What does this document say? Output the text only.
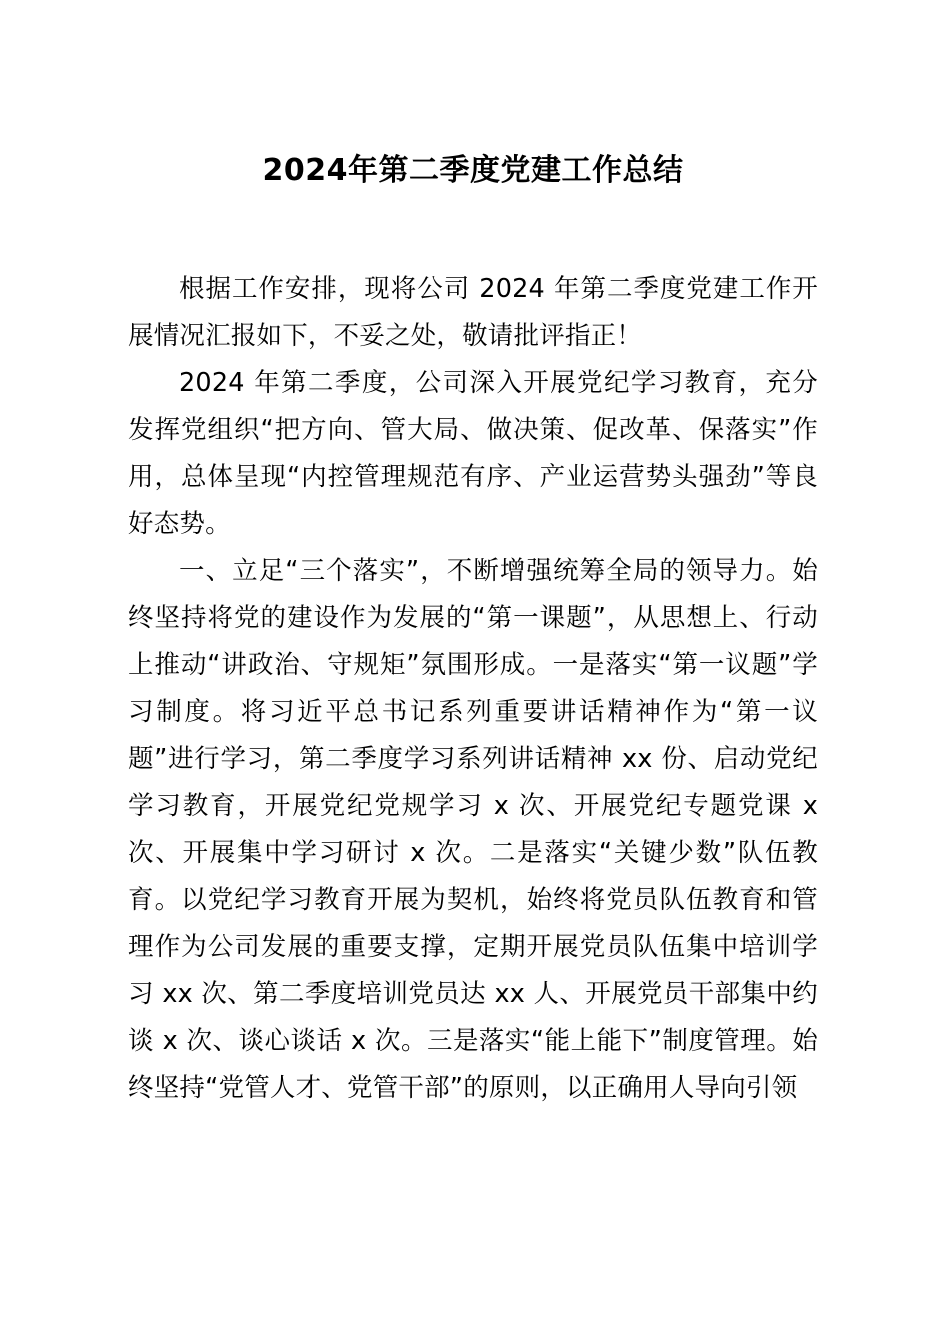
2024年第二季度党建工作总结

根据工作安排，现将公司 2024 年第二季度党建工作开展情况汇报如下，不妥之处，敬请批评指正！

2024 年第二季度，公司深入开展党纪学习教育，充分发挥党组织“把方向、管大局、做决策、促改革、保落实”作用，总体呈现“内控管理规范有序、产业运营势头强劲”等良好态势。

一、立足“三个落实”，不断增强统筹全局的领导力。始终坚持将党的建设作为发展的“第一课题”，从思想上、行动上推动“讲政治、守规矩”氛围形成。一是落实“第一议题”学习制度。将习近平总书记系列重要讲话精神作为“第一议题”进行学习，第二季度学习系列讲话精神 xx 份、启动党纪学习教育，开展党纪党规学习 x 次、开展党纪专题党课 x 次、开展集中学习研讨 x 次。二是落实“关键少数”队伍教育。以党纪学习教育开展为契机，始终将党员队伍教育和管理作为公司发展的重要支撑，定期开展党员队伍集中培训学习 xx 次、第二季度培训党员达 xx 人、开展党员干部集中约谈 x 次、谈心谈话 x 次。三是落实“能上能下”制度管理。始终坚持“党管人才、党管干部”的原则，以正确用人导向引领
